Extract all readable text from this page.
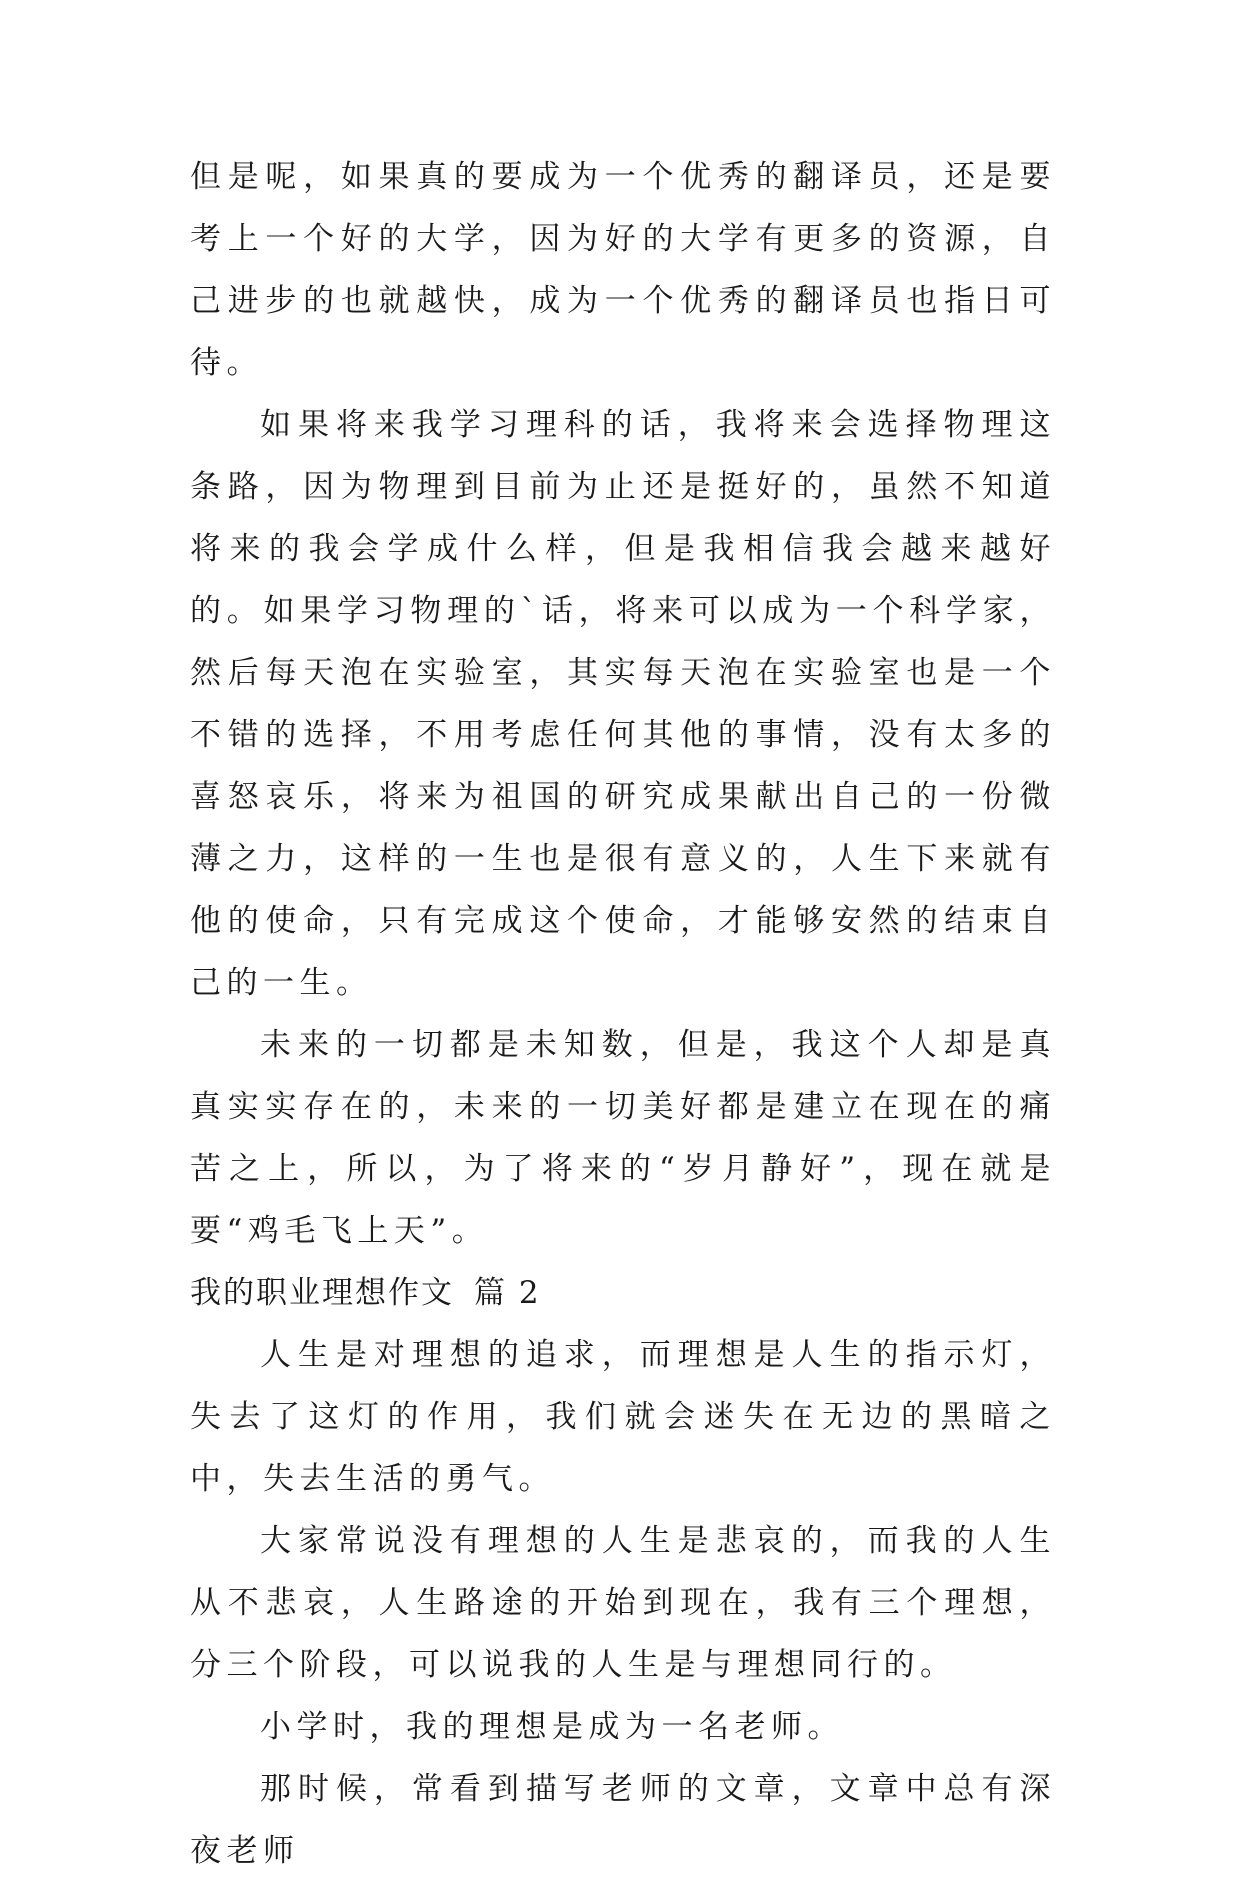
但是呢，如果真的要成为一个优秀的翻译员，还是要考上一个好的大学，因为好的大学有更多的资源，自己进步的也就越快，成为一个优秀的翻译员也指日可待。

如果将来我学习理科的话，我将来会选择物理这条路，因为物理到目前为止还是挺好的，虽然不知道将来的我会学成什么样，但是我相信我会越来越好的。如果学习物理的`话，将来可以成为一个科学家，然后每天泡在实验室，其实每天泡在实验室也是一个不错的选择，不用考虑任何其他的事情，没有太多的喜怒哀乐，将来为祖国的研究成果献出自己的一份微薄之力，这样的一生也是很有意义的，人生下来就有他的使命，只有完成这个使命，才能够安然的结束自己的一生。

未来的一切都是未知数，但是，我这个人却是真真实实存在的，未来的一切美好都是建立在现在的痛苦之上，所以，为了将来的“岁月静好”，现在就是要“鸡毛飞上天”。

我的职业理想作文 篇 2

人生是对理想的追求，而理想是人生的指示灯，失去了这灯的作用，我们就会迷失在无边的黑暗之中，失去生活的勇气。

大家常说没有理想的人生是悲哀的，而我的人生从不悲哀，人生路途的开始到现在，我有三个理想，分三个阶段，可以说我的人生是与理想同行的。

小学时，我的理想是成为一名老师。

那时候，常看到描写老师的文章，文章中总有深夜老师
